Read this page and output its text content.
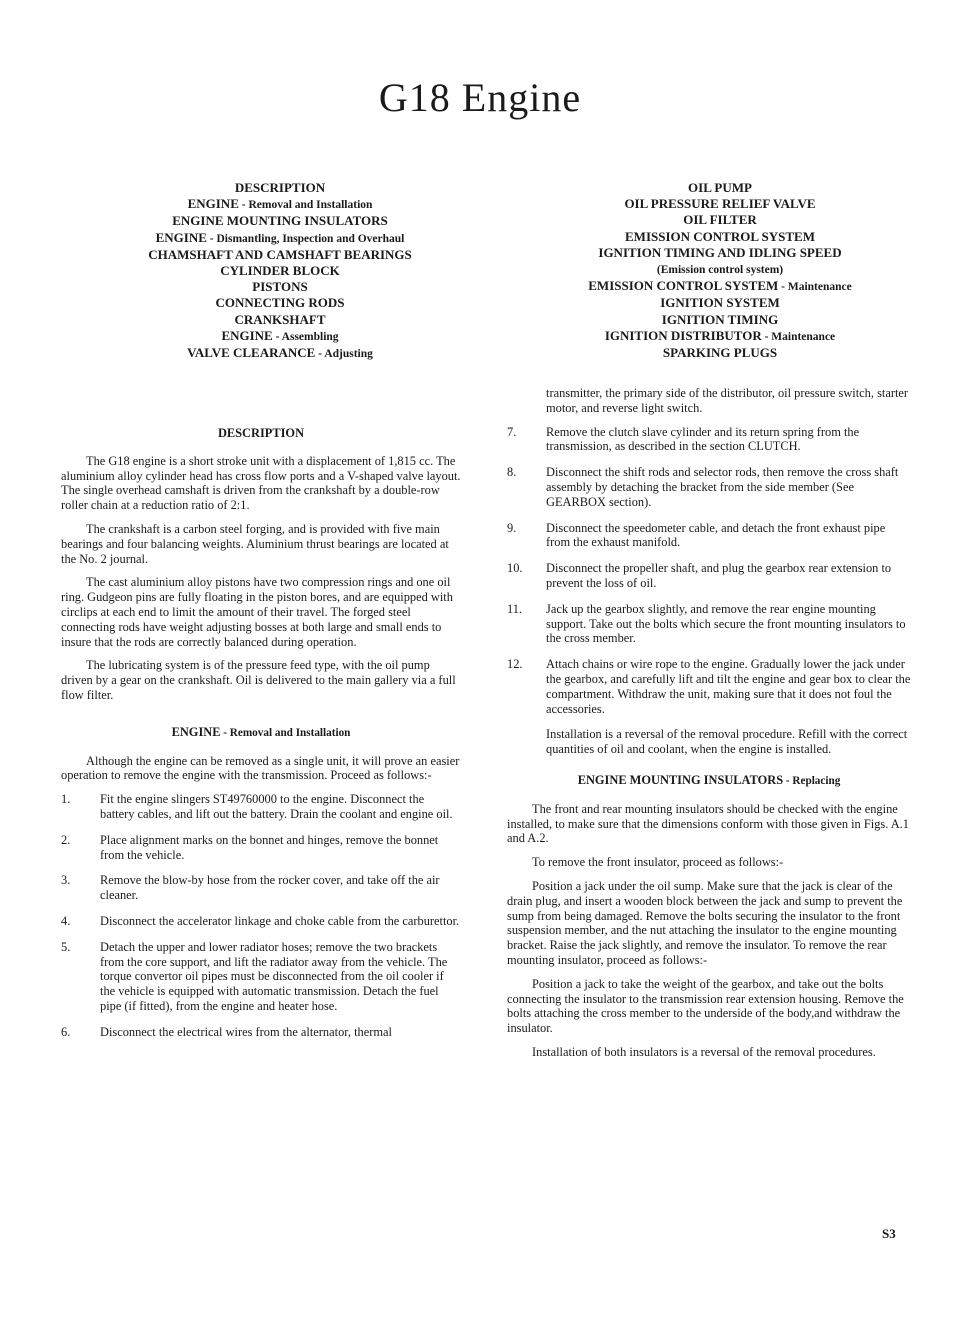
G18 Engine
DESCRIPTION
ENGINE - Removal and Installation
ENGINE MOUNTING INSULATORS
ENGINE - Dismantling, Inspection and Overhaul
CHAMSHAFT AND CAMSHAFT BEARINGS
CYLINDER BLOCK
PISTONS
CONNECTING RODS
CRANKSHAFT
ENGINE - Assembling
VALVE CLEARANCE - Adjusting
OIL PUMP
OIL PRESSURE RELIEF VALVE
OIL FILTER
EMISSION CONTROL SYSTEM
IGNITION TIMING AND IDLING SPEED
(Emission control system)
EMISSION CONTROL SYSTEM - Maintenance
IGNITION SYSTEM
IGNITION TIMING
IGNITION DISTRIBUTOR - Maintenance
SPARKING PLUGS
DESCRIPTION

The G18 engine is a short stroke unit with a displacement of 1,815 cc. The aluminium alloy cylinder head has cross flow ports and a V-shaped valve layout. The single overhead camshaft is driven from the crankshaft by a double-row roller chain at a reduction ratio of 2:1.

The crankshaft is a carbon steel forging, and is provided with five main bearings and four balancing weights. Aluminium thrust bearings are located at the No. 2 journal.

The cast aluminium alloy pistons have two compression rings and one oil ring. Gudgeon pins are fully floating in the piston bores, and are equipped with circlips at each end to limit the amount of their travel. The forged steel connecting rods have weight adjusting bosses at both large and small ends to insure that the rods are correctly balanced during operation.

The lubricating system is of the pressure feed type, with the oil pump driven by a gear on the crankshaft. Oil is delivered to the main gallery via a full flow filter.

ENGINE - Removal and Installation

Although the engine can be removed as a single unit, it will prove an easier operation to remove the engine with the transmission. Proceed as follows:-

1.	Fit the engine slingers ST49760000 to the engine. Disconnect the battery cables, and lift out the battery. Drain the coolant and engine oil.
2.	Place alignment marks on the bonnet and hinges, remove the bonnet from the vehicle.
3.	Remove the blow-by hose from the rocker cover, and take off the air cleaner.
4.	Disconnect the accelerator linkage and choke cable from the carburettor.
5.	Detach the upper and lower radiator hoses; remove the two brackets from the core support, and lift the radiator away from the vehicle. The torque convertor oil pipes must be disconnected from the oil cooler if the vehicle is equipped with automatic transmission. Detach the fuel pipe (if fitted), from the engine and heater hose.
6.	Disconnect the electrical wires from the alternator, thermal

transmitter, the primary side of the distributor, oil pressure switch, starter motor, and reverse light switch.

7.	Remove the clutch slave cylinder and its return spring from the transmission, as described in the section CLUTCH.
8.	Disconnect the shift rods and selector rods, then remove the cross shaft assembly by detaching the bracket from the side member (See GEARBOX section).
9.	Disconnect the speedometer cable, and detach the front exhaust pipe from the exhaust manifold.
10.	Disconnect the propeller shaft, and plug the gearbox rear extension to prevent the loss of oil.
11.	Jack up the gearbox slightly, and remove the rear engine mounting support. Take out the bolts which secure the front mounting insulators to the cross member.
12.	Attach chains or wire rope to the engine. Gradually lower the jack under the gearbox, and carefully lift and tilt the engine and gear box to clear the compartment. Withdraw the unit, making sure that it does not foul the accessories.

Installation is a reversal of the removal procedure. Refill with the correct quantities of oil and coolant, when the engine is installed.

ENGINE MOUNTING INSULATORS - Replacing

The front and rear mounting insulators should be checked with the engine installed, to make sure that the dimensions conform with those given in Figs. A.1 and A.2.

To remove the front insulator, proceed as follows:-

Position a jack under the oil sump. Make sure that the jack is clear of the drain plug, and insert a wooden block between the jack and sump to prevent the sump from being damaged. Remove the bolts securing the insulator to the front suspension member, and the nut attaching the insulator to the engine mounting bracket. Raise the jack slightly, and remove the insulator. To remove the rear mounting insulator, proceed as follows:-

Position a jack to take the weight of the gearbox, and take out the bolts connecting the insulator to the transmission rear extension housing. Remove the bolts attaching the cross member to the underside of the body,and withdraw the insulator.

Installation of both insulators is a reversal of the removal procedures.

S3
